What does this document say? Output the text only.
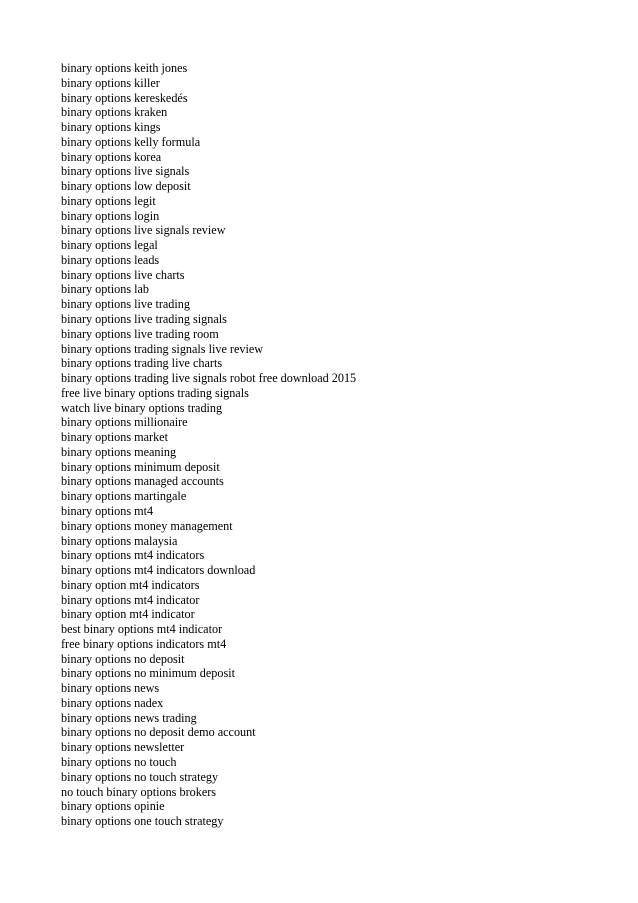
binary options keith jones
binary options killer
binary options kereskedés
binary options kraken
binary options kings
binary options kelly formula
binary options korea
binary options live signals
binary options low deposit
binary options legit
binary options login
binary options live signals review
binary options legal
binary options leads
binary options live charts
binary options lab
binary options live trading
binary options live trading signals
binary options live trading room
binary options trading signals live review
binary options trading live charts
binary options trading live signals robot free download 2015
free live binary options trading signals
watch live binary options trading
binary options millionaire
binary options market
binary options meaning
binary options minimum deposit
binary options managed accounts
binary options martingale
binary options mt4
binary options money management
binary options malaysia
binary options mt4 indicators
binary options mt4 indicators download
binary option mt4 indicators
binary options mt4 indicator
binary option mt4 indicator
best binary options mt4 indicator
free binary options indicators mt4
binary options no deposit
binary options no minimum deposit
binary options news
binary options nadex
binary options news trading
binary options no deposit demo account
binary options newsletter
binary options no touch
binary options no touch strategy
no touch binary options brokers
binary options opinie
binary options one touch strategy
